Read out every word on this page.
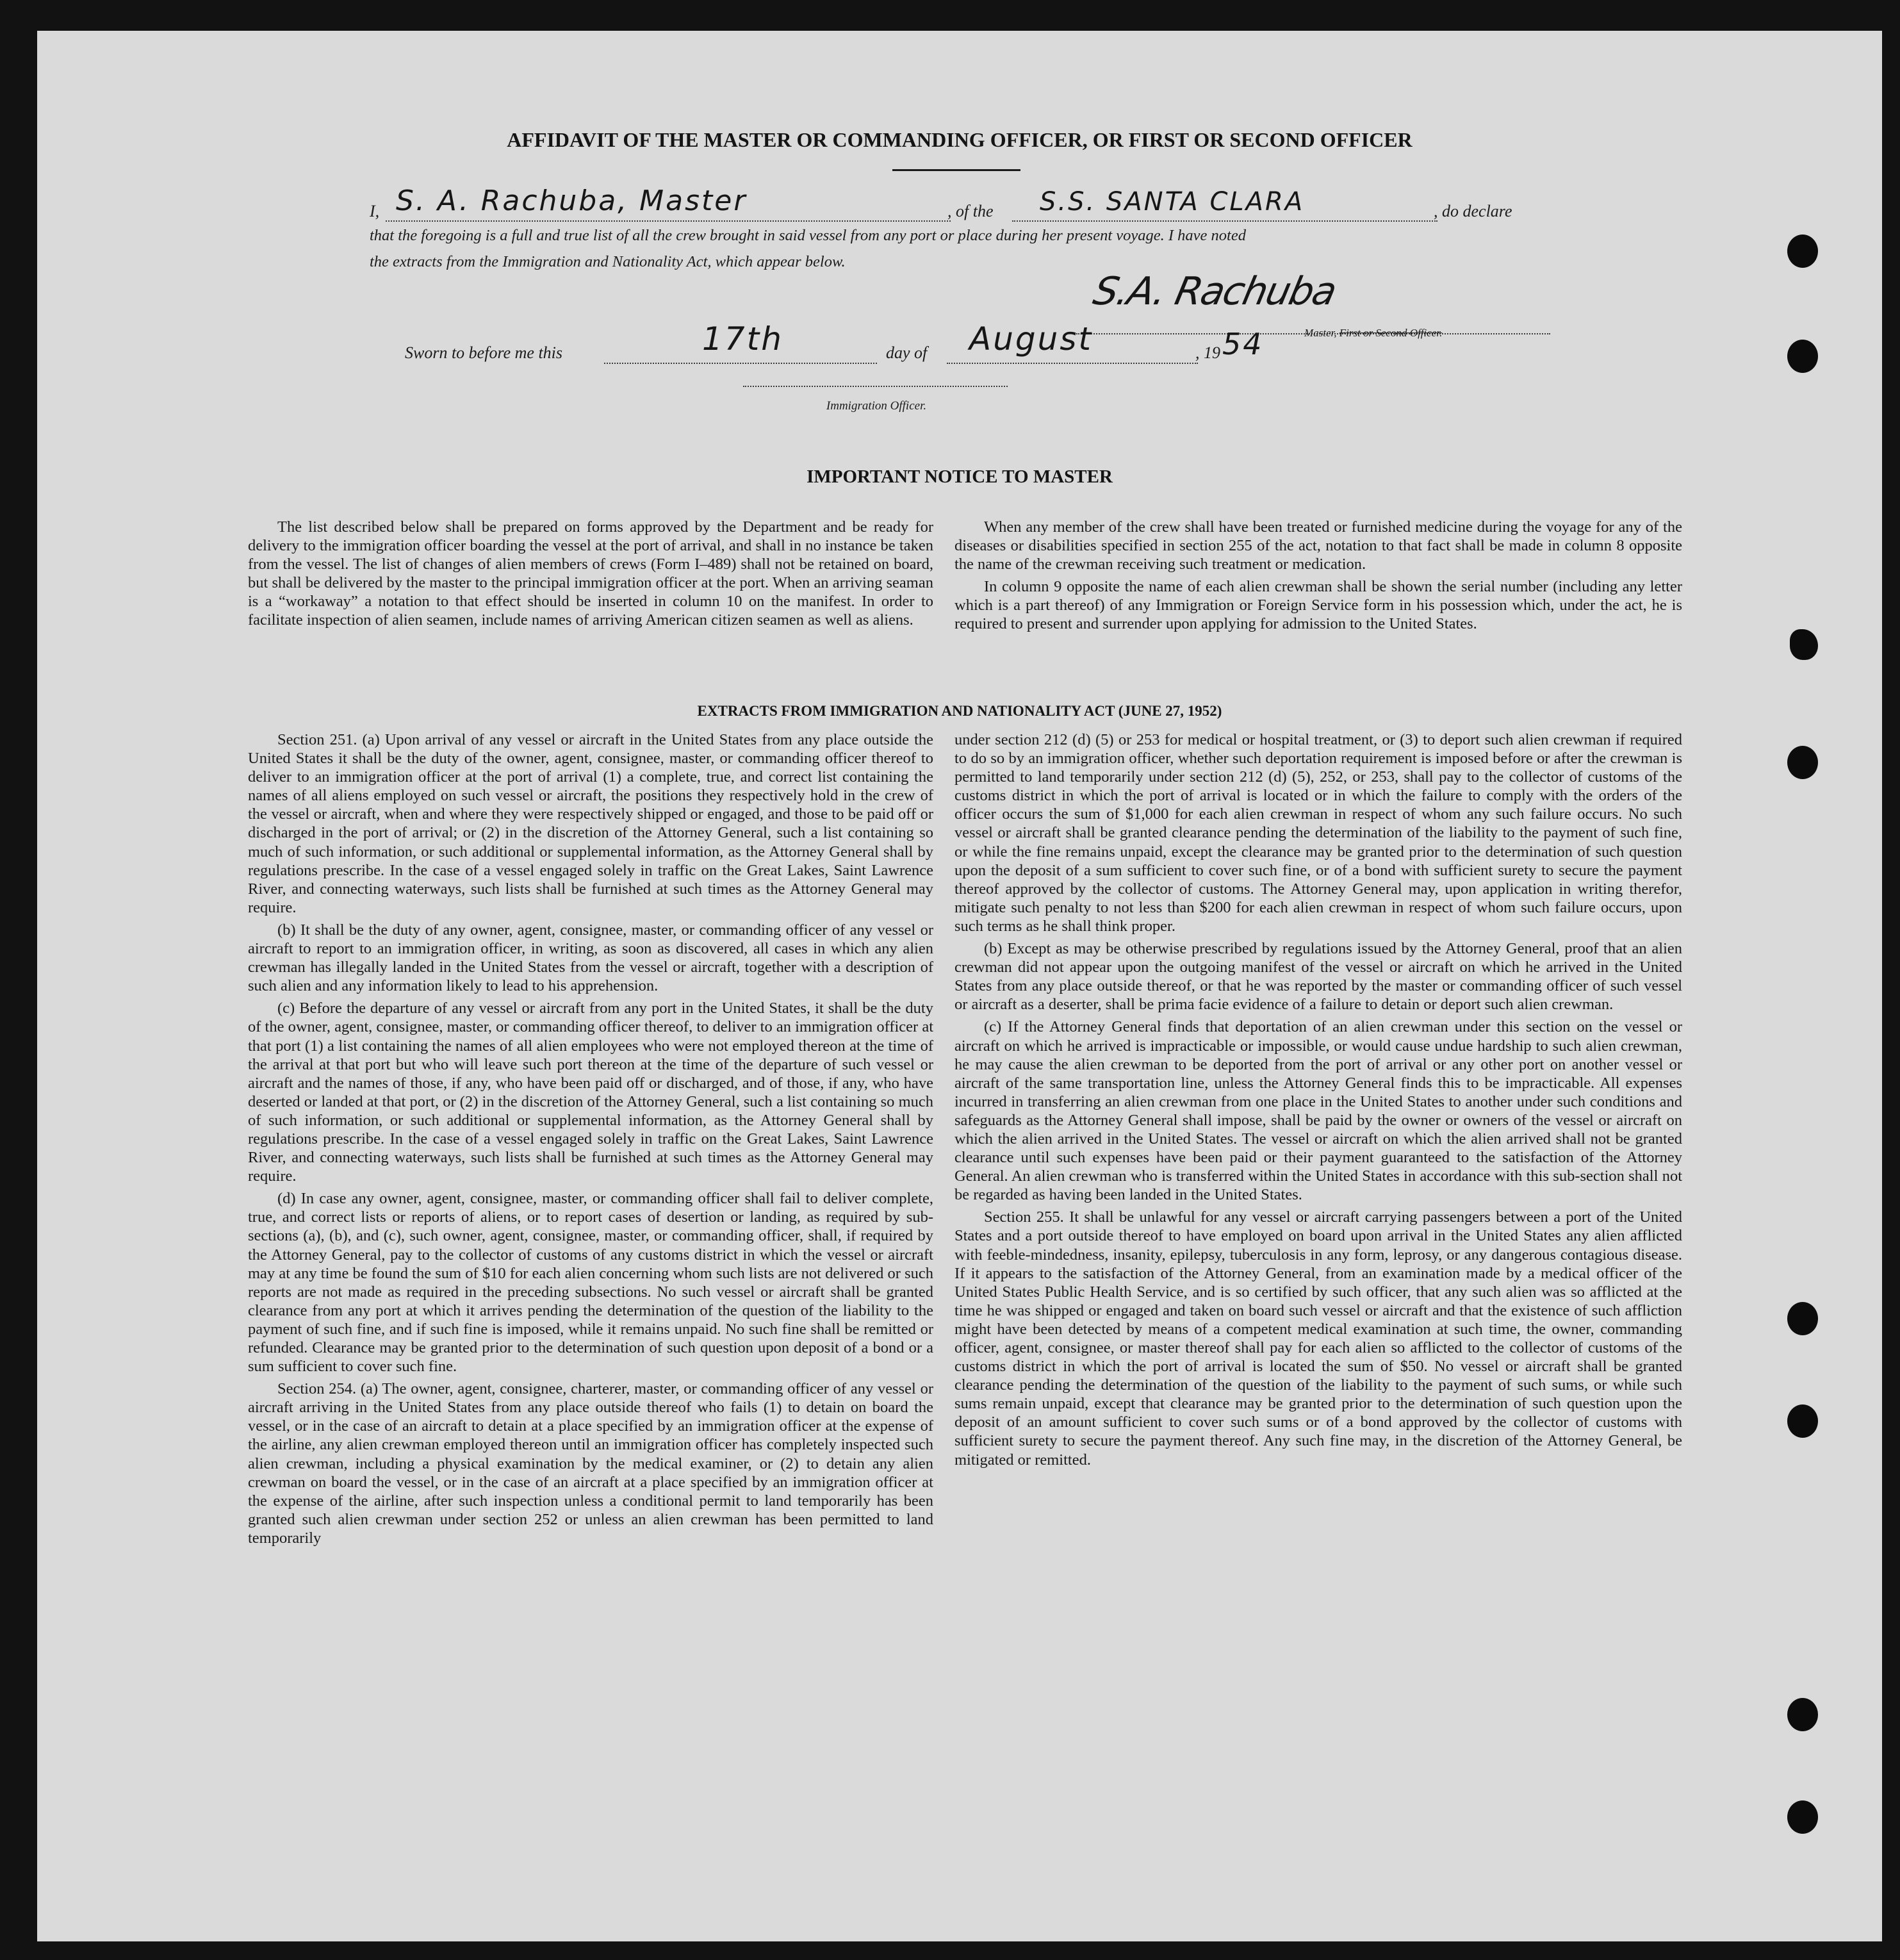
AFFIDAVIT OF THE MASTER OR COMMANDING OFFICER, OR FIRST OR SECOND OFFICER
I, S. A. Rachuba, Master	, of the S.S. SANTA CLARA	, do declare
that the foregoing is a full and true list of all the crew brought in said vessel from any port or place during her present voyage. I have noted
the extracts from the Immigration and Nationality Act, which appear below.
S.A. Rachuba
Master, First or Second Officer.
Sworn to before me this	17th	day of August	, 19 54
Immigration Officer.
IMPORTANT NOTICE TO MASTER

The list described below shall be prepared on forms approved by the Department and be ready for delivery to the immigration officer boarding the vessel at the port of arrival, and shall in no instance be taken from the vessel. The list of changes of alien members of crews (Form I–489) shall not be retained on board, but shall be delivered by the master to the principal immigration officer at the port. When an arriving seaman is a “workaway” a notation to that effect should be inserted in column 10 on the manifest. In order to facilitate inspection of alien seamen, include names of arriving American citizen seamen as well as aliens.

When any member of the crew shall have been treated or furnished medicine during the voyage for any of the diseases or disabilities specified in section 255 of the act, notation to that fact shall be made in column 8 opposite the name of the crewman receiving such treatment or medication.

In column 9 opposite the name of each alien crewman shall be shown the serial number (including any letter which is a part thereof) of any Immigration or Foreign Service form in his possession which, under the act, he is required to present and surrender upon applying for admission to the United States.

EXTRACTS FROM IMMIGRATION AND NATIONALITY ACT (JUNE 27, 1952)

Section 251. (a) Upon arrival of any vessel or aircraft in the United States from any place outside the United States it shall be the duty of the owner, agent, consignee, master, or commanding officer thereof to deliver to an immigration officer at the port of arrival (1) a complete, true, and correct list containing the names of all aliens employed on such vessel or aircraft, the positions they respectively hold in the crew of the vessel or aircraft, when and where they were respectively shipped or engaged, and those to be paid off or discharged in the port of arrival; or (2) in the discretion of the Attorney General, such a list containing so much of such information, or such additional or supplemental information, as the Attorney General shall by regulations prescribe. In the case of a vessel engaged solely in traffic on the Great Lakes, Saint Lawrence River, and connecting waterways, such lists shall be furnished at such times as the Attorney General may require.

(b) It shall be the duty of any owner, agent, consignee, master, or commanding officer of any vessel or aircraft to report to an immigration officer, in writing, as soon as discovered, all cases in which any alien crewman has illegally landed in the United States from the vessel or aircraft, together with a description of such alien and any information likely to lead to his apprehension.

(c) Before the departure of any vessel or aircraft from any port in the United States, it shall be the duty of the owner, agent, consignee, master, or commanding officer thereof, to deliver to an immigration officer at that port (1) a list containing the names of all alien employees who were not employed thereon at the time of the arrival at that port but who will leave such port thereon at the time of the departure of such vessel or aircraft and the names of those, if any, who have been paid off or discharged, and of those, if any, who have deserted or landed at that port, or (2) in the discretion of the Attorney General, such a list containing so much of such information, or such additional or supplemental information, as the Attorney General shall by regulations prescribe. In the case of a vessel engaged solely in traffic on the Great Lakes, Saint Lawrence River, and connecting waterways, such lists shall be furnished at such times as the Attorney General may require.

(d) In case any owner, agent, consignee, master, or commanding officer shall fail to deliver complete, true, and correct lists or reports of aliens, or to report cases of desertion or landing, as required by sub-sections (a), (b), and (c), such owner, agent, consignee, master, or commanding officer, shall, if required by the Attorney General, pay to the collector of customs of any customs district in which the vessel or aircraft may at any time be found the sum of $10 for each alien concerning whom such lists are not delivered or such reports are not made as required in the preceding subsections. No such vessel or aircraft shall be granted clearance from any port at which it arrives pending the determination of the question of the liability to the payment of such fine, and if such fine is imposed, while it remains unpaid. No such fine shall be remitted or refunded. Clearance may be granted prior to the determination of such question upon deposit of a bond or a sum sufficient to cover such fine.

Section 254. (a) The owner, agent, consignee, charterer, master, or commanding officer of any vessel or aircraft arriving in the United States from any place outside thereof who fails (1) to detain on board the vessel, or in the case of an aircraft to detain at a place specified by an immigration officer at the expense of the airline, any alien crewman employed thereon until an immigration officer has completely inspected such alien crewman, including a physical examination by the medical examiner, or (2) to detain any alien crewman on board the vessel, or in the case of an aircraft at a place specified by an immigration officer at the expense of the airline, after such inspection unless a conditional permit to land temporarily has been granted such alien crewman under section 252 or unless an alien crewman has been permitted to land temporarily

under section 212 (d) (5) or 253 for medical or hospital treatment, or (3) to deport such alien crewman if required to do so by an immigration officer, whether such deportation requirement is imposed before or after the crewman is permitted to land temporarily under section 212 (d) (5), 252, or 253, shall pay to the collector of customs of the customs district in which the port of arrival is located or in which the failure to comply with the orders of the officer occurs the sum of $1,000 for each alien crewman in respect of whom any such failure occurs. No such vessel or aircraft shall be granted clearance pending the determination of the liability to the payment of such fine, or while the fine remains unpaid, except the clearance may be granted prior to the determination of such question upon the deposit of a sum sufficient to cover such fine, or of a bond with sufficient surety to secure the payment thereof approved by the collector of customs. The Attorney General may, upon application in writing therefor, mitigate such penalty to not less than $200 for each alien crewman in respect of whom such failure occurs, upon such terms as he shall think proper.

(b) Except as may be otherwise prescribed by regulations issued by the Attorney General, proof that an alien crewman did not appear upon the outgoing manifest of the vessel or aircraft on which he arrived in the United States from any place outside thereof, or that he was reported by the master or commanding officer of such vessel or aircraft as a deserter, shall be prima facie evidence of a failure to detain or deport such alien crewman.

(c) If the Attorney General finds that deportation of an alien crewman under this section on the vessel or aircraft on which he arrived is impracticable or impossible, or would cause undue hardship to such alien crewman, he may cause the alien crewman to be deported from the port of arrival or any other port on another vessel or aircraft of the same transportation line, unless the Attorney General finds this to be impracticable. All expenses incurred in transferring an alien crewman from one place in the United States to another under such conditions and safeguards as the Attorney General shall impose, shall be paid by the owner or owners of the vessel or aircraft on which the alien arrived in the United States. The vessel or aircraft on which the alien arrived shall not be granted clearance until such expenses have been paid or their payment guaranteed to the satisfaction of the Attorney General. An alien crewman who is transferred within the United States in accordance with this sub-section shall not be regarded as having been landed in the United States.

Section 255. It shall be unlawful for any vessel or aircraft carrying passengers between a port of the United States and a port outside thereof to have employed on board upon arrival in the United States any alien afflicted with feeble-mindedness, insanity, epilepsy, tuberculosis in any form, leprosy, or any dangerous contagious disease. If it appears to the satisfaction of the Attorney General, from an examination made by a medical officer of the United States Public Health Service, and is so certified by such officer, that any such alien was so afflicted at the time he was shipped or engaged and taken on board such vessel or aircraft and that the existence of such affliction might have been detected by means of a competent medical examination at such time, the owner, commanding officer, agent, consignee, or master thereof shall pay for each alien so afflicted to the collector of customs of the customs district in which the port of arrival is located the sum of $50. No vessel or aircraft shall be granted clearance pending the determination of the question of the liability to the payment of such sums, or while such sums remain unpaid, except that clearance may be granted prior to the determination of such question upon the deposit of an amount sufficient to cover such sums or of a bond approved by the collector of customs with sufficient surety to secure the payment thereof. Any such fine may, in the discretion of the Attorney General, be mitigated or remitted.
